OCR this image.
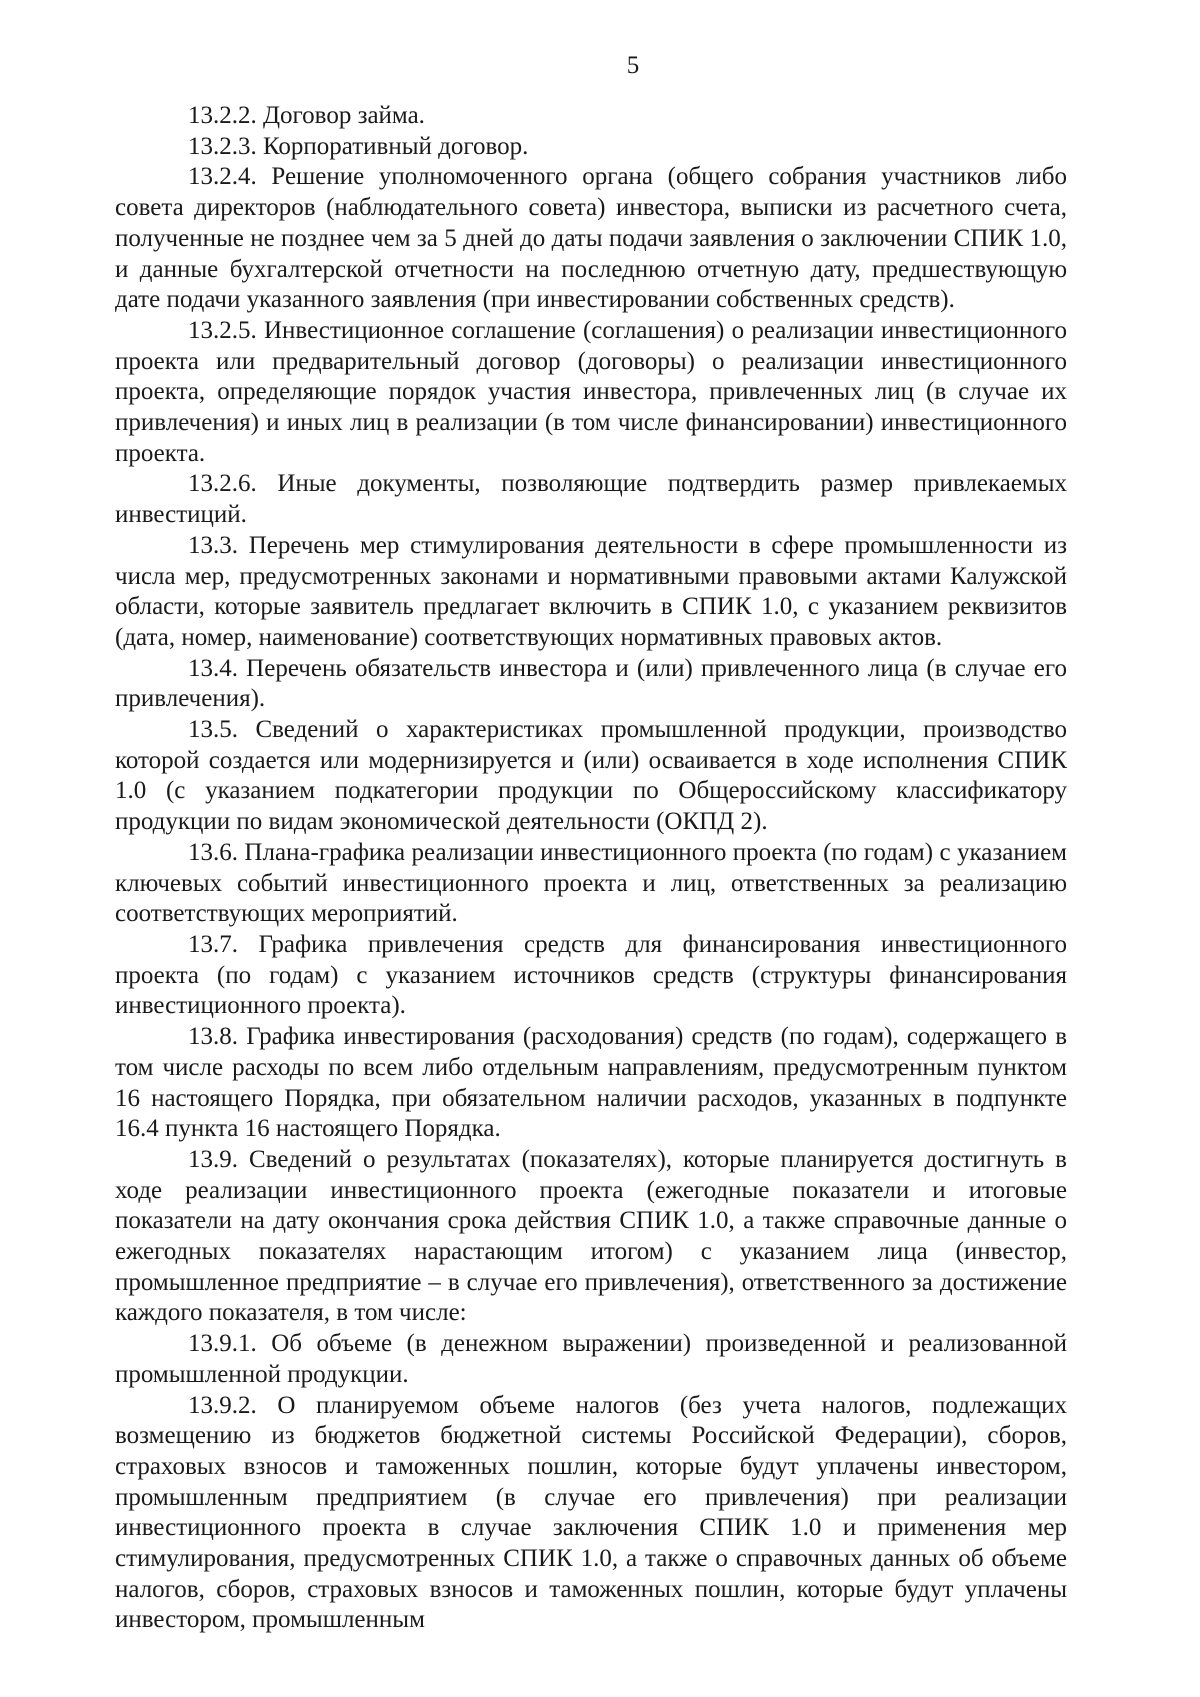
5

13.2.2. Договор займа.

13.2.3. Корпоративный договор.

13.2.4. Решение уполномоченного органа (общего собрания участников либо совета директоров (наблюдательного совета) инвестора, выписки из расчетного счета, полученные не позднее чем за 5 дней до даты подачи заявления о заключении СПИК 1.0, и данные бухгалтерской отчетности на последнюю отчетную дату, предшествующую дате подачи указанного заявления (при инвестировании собственных средств).

13.2.5. Инвестиционное соглашение (соглашения) о реализации инвестиционного проекта или предварительный договор (договоры) о реализации инвестиционного проекта, определяющие порядок участия инвестора, привлеченных лиц (в случае их привлечения) и иных лиц в реализации (в том числе финансировании) инвестиционного проекта.

13.2.6. Иные документы, позволяющие подтвердить размер привлекаемых инвестиций.

13.3. Перечень мер стимулирования деятельности в сфере промышленности из числа мер, предусмотренных законами и нормативными правовыми актами Калужской области, которые заявитель предлагает включить в СПИК 1.0, с указанием реквизитов (дата, номер, наименование) соответствующих нормативных правовых актов.

13.4. Перечень обязательств инвестора и (или) привлеченного лица (в случае его привлечения).

13.5. Сведений о характеристиках промышленной продукции, производство которой создается или модернизируется и (или) осваивается в ходе исполнения СПИК 1.0 (с указанием подкатегории продукции по Общероссийскому классификатору продукции по видам экономической деятельности (ОКПД 2).

13.6. Плана-графика реализации инвестиционного проекта (по годам) с указанием ключевых событий инвестиционного проекта и лиц, ответственных за реализацию соответствующих мероприятий.

13.7. Графика привлечения средств для финансирования инвестиционного проекта (по годам) с указанием источников средств (структуры финансирования инвестиционного проекта).

13.8. Графика инвестирования (расходования) средств (по годам), содержащего в том числе расходы по всем либо отдельным направлениям, предусмотренным пунктом 16 настоящего Порядка, при обязательном наличии расходов, указанных в подпункте 16.4 пункта 16 настоящего Порядка.

13.9. Сведений о результатах (показателях), которые планируется достигнуть в ходе реализации инвестиционного проекта (ежегодные показатели и итоговые показатели на дату окончания срока действия СПИК 1.0, а также справочные данные о ежегодных показателях нарастающим итогом) с указанием лица (инвестор, промышленное предприятие – в случае его привлечения), ответственного за достижение каждого показателя, в том числе:

13.9.1. Об объеме (в денежном выражении) произведенной и реализованной промышленной продукции.

13.9.2. О планируемом объеме налогов (без учета налогов, подлежащих возмещению из бюджетов бюджетной системы Российской Федерации), сборов, страховых взносов и таможенных пошлин, которые будут уплачены инвестором, промышленным предприятием (в случае его привлечения) при реализации инвестиционного проекта в случае заключения СПИК 1.0 и применения мер стимулирования, предусмотренных СПИК 1.0, а также о справочных данных об объеме налогов, сборов, страховых взносов и таможенных пошлин, которые будут уплачены инвестором, промышленным
